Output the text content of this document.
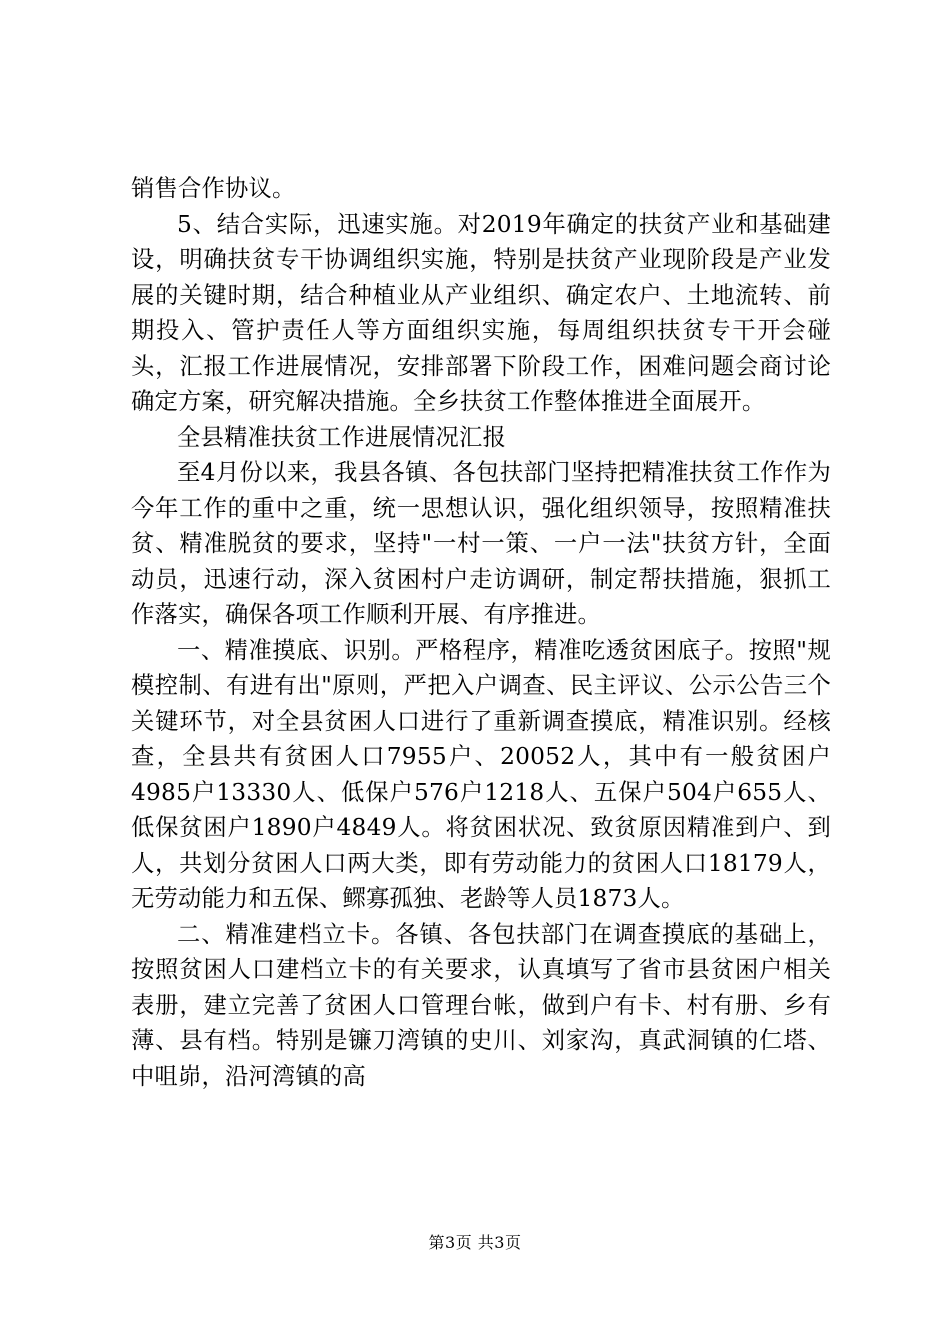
销售合作协议。

5、结合实际，迅速实施。对2019年确定的扶贫产业和基础建设，明确扶贫专干协调组织实施，特别是扶贫产业现阶段是产业发展的关键时期，结合种植业从产业组织、确定农户、土地流转、前期投入、管护责任人等方面组织实施，每周组织扶贫专干开会碰头，汇报工作进展情况，安排部署下阶段工作，困难问题会商讨论确定方案，研究解决措施。全乡扶贫工作整体推进全面展开。

全县精准扶贫工作进展情况汇报

至4月份以来，我县各镇、各包扶部门坚持把精准扶贫工作作为今年工作的重中之重，统一思想认识，强化组织领导，按照精准扶贫、精准脱贫的要求，坚持"一村一策、一户一法"扶贫方针，全面动员，迅速行动，深入贫困村户走访调研，制定帮扶措施，狠抓工作落实，确保各项工作顺利开展、有序推进。

一、精准摸底、识别。严格程序，精准吃透贫困底子。按照"规模控制、有进有出"原则，严把入户调查、民主评议、公示公告三个关键环节，对全县贫困人口进行了重新调查摸底，精准识别。经核查，全县共有贫困人口7955户、20052人，其中有一般贫困户4985户13330人、低保户576户1218人、五保户504户655人、低保贫困户1890户4849人。将贫困状况、致贫原因精准到户、到人，共划分贫困人口两大类，即有劳动能力的贫困人口18179人，无劳动能力和五保、鳏寡孤独、老龄等人员1873人。

二、精准建档立卡。各镇、各包扶部门在调查摸底的基础上，按照贫困人口建档立卡的有关要求，认真填写了省市县贫困户相关表册，建立完善了贫困人口管理台帐，做到户有卡、村有册、乡有薄、县有档。特别是镰刀湾镇的史川、刘家沟，真武洞镇的仁塔、中咀峁，沿河湾镇的高

第3页 共3页
